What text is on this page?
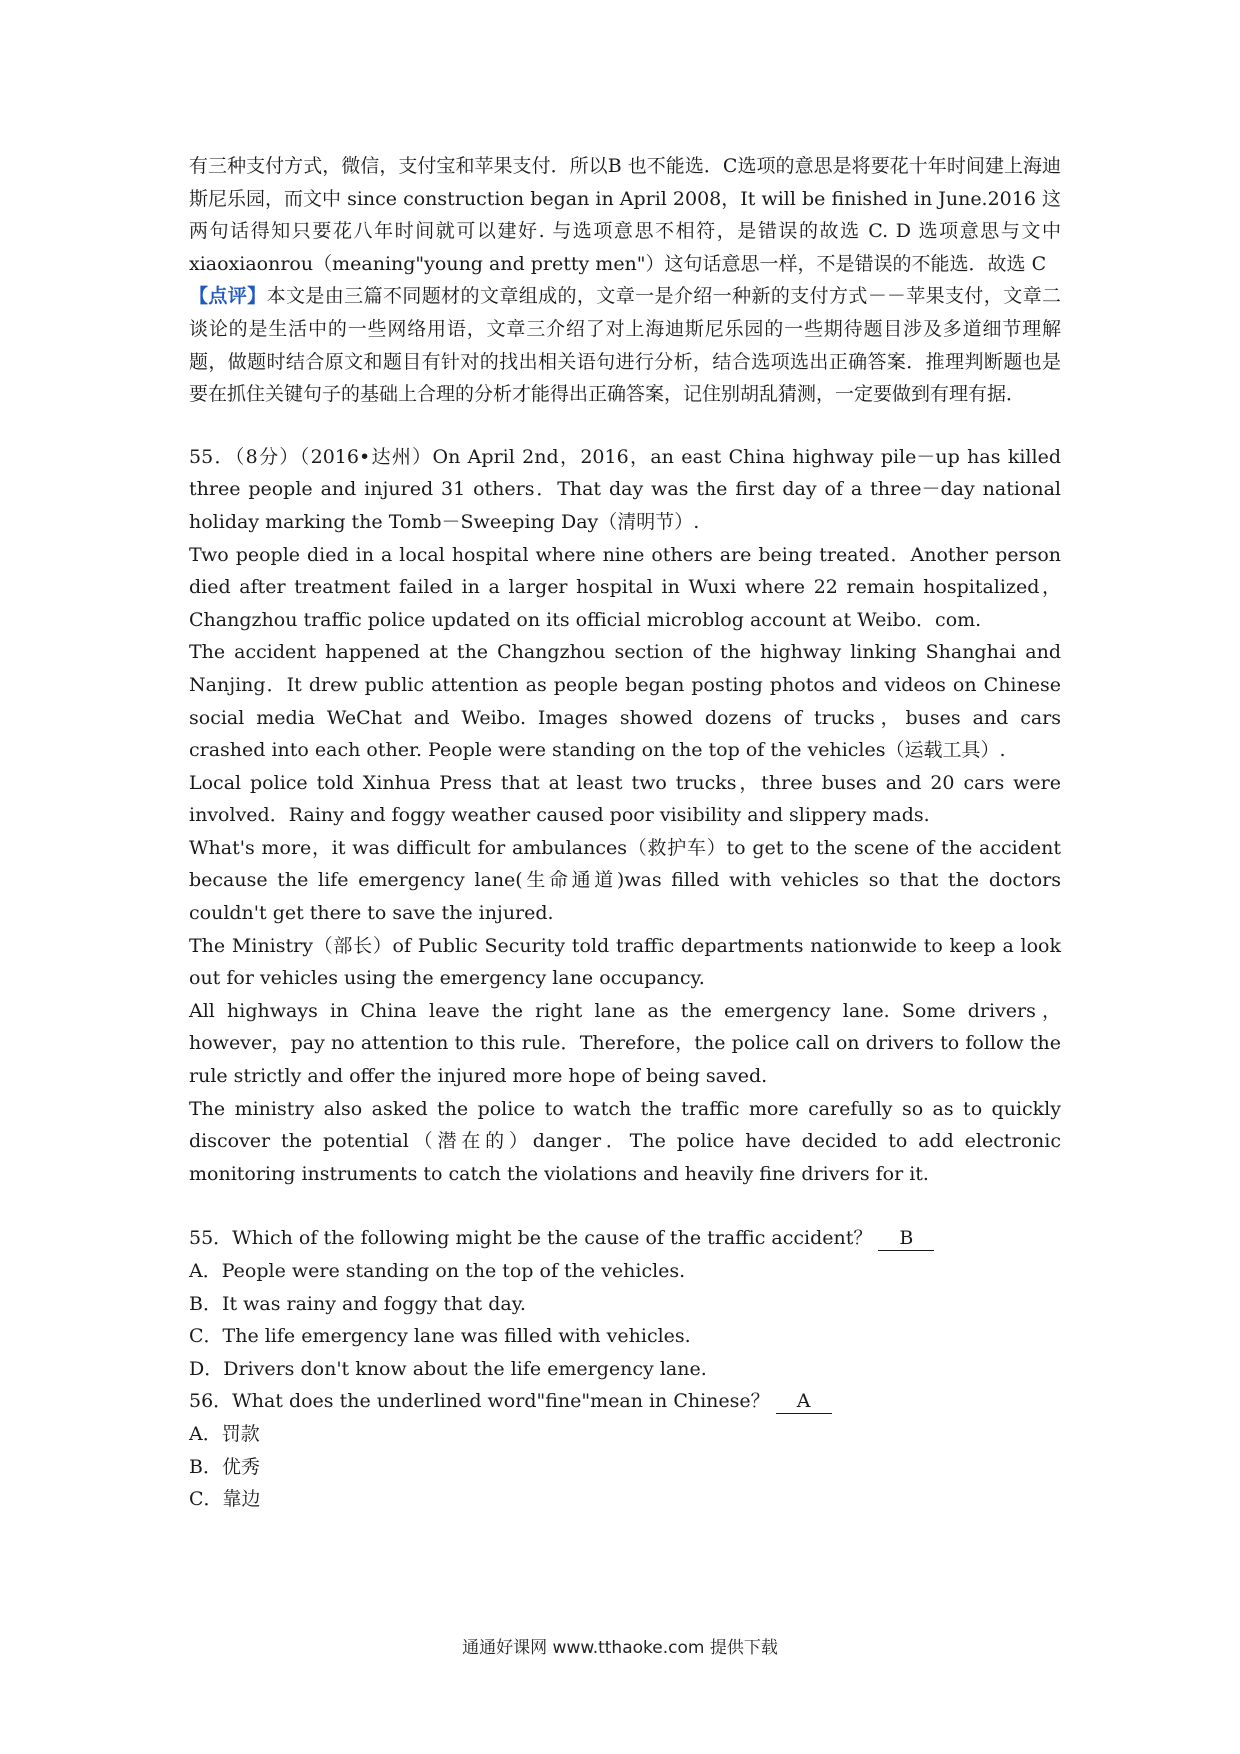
有三种支付方式，微信，支付宝和苹果支付．所以B 也不能选．C选项的意思是将要花十年时间建上海迪斯尼乐园，而文中 since construction began in April 2008，It will be finished in June.2016 这两句话得知只要花八年时间就可以建好. 与选项意思不相符，是错误的故选 C. D 选项意思与文中 xiaoxiaonrou（meaning"young and pretty men"）这句话意思一样，不是错误的不能选．故选 C

【点评】本文是由三篇不同题材的文章组成的，文章一是介绍一种新的支付方式－－苹果支付，文章二谈论的是生活中的一些网络用语，文章三介绍了对上海迪斯尼乐园的一些期待题目涉及多道细节理解题，做题时结合原文和题目有针对的找出相关语句进行分析，结合选项选出正确答案．推理判断题也是要在抓住关键句子的基础上合理的分析才能得出正确答案，记住别胡乱猜测，一定要做到有理有据．

55．（8分）（2016•达州）On April 2nd，2016，an east China highway pile－up has killed three people and injured 31 others．That day was the first day of a three－day national holiday marking the Tomb－Sweeping Day（清明节）.

Two people died in a local hospital where nine others are being treated．Another person died after treatment failed in a larger hospital in Wuxi where 22 remain hospitalized，Changzhou traffic police updated on its official microblog account at Weibo．com.

The accident happened at the Changzhou section of the highway linking Shanghai and Nanjing．It drew public attention as people began posting photos and videos on Chinese social media WeChat and Weibo. Images showed dozens of trucks，buses and cars crashed into each other. People were standing on the top of the vehicles（运载工具）.

Local police told Xinhua Press that at least two trucks，three buses and 20 cars were involved．Rainy and foggy weather caused poor visibility and slippery mads.

What's more，it was difficult for ambulances（救护车）to get to the scene of the accident because the life emergency lane(生命通道)was filled with vehicles so that the doctors couldn't get there to save the injured.

The Ministry（部长）of Public Security told traffic departments nationwide to keep a look out for vehicles using the emergency lane occupancy.

All highways in China leave the right lane as the emergency lane. Some drivers，however，pay no attention to this rule．Therefore，the police call on drivers to follow the rule strictly and offer the injured more hope of being saved.

The ministry also asked the police to watch the traffic more carefully so as to quickly discover the potential（潜在的）danger．The police have decided to add electronic monitoring instruments to catch the violations and heavily fine drivers for it.

55．Which of the following might be the cause of the traffic accident？ B

A．People were standing on the top of the vehicles.

B．It was rainy and foggy that day.

C．The life emergency lane was filled with vehicles.

D．Drivers don't know about the life emergency lane.

56．What does the underlined word"fine"mean in Chinese？ A

A．罚款

B．优秀

C．靠边

通通好课网 www.tthaoke.com 提供下载
